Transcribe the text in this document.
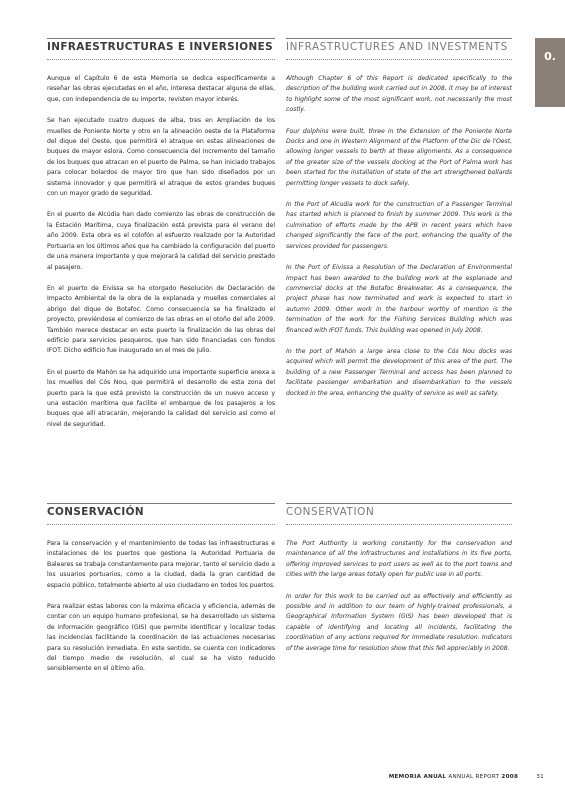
0.
INFRAESTRUCTURAS E INVERSIONES

Aunque el Capítulo 6 de esta Memoria se dedica específicamente a reseñar las obras ejecutadas en el año, interesa destacar alguna de ellas, que, con independencia de su importe, revisten mayor interés.

Se han ejecutado cuatro duques de alba, tres en Ampliación de los muelles de Poniente Norte y otro en la alineación oeste de la Plataforma del dique del Oeste, que permitirá el atraque en estas alineaciones de buques de mayor eslora. Como consecuencia del incremento del tamaño de los buques que atracan en el puerto de Palma, se han iniciado trabajos para colocar bolardos de mayor tiro que han sido diseñados por un sistema innovador y que permitirá el atraque de estos grandes buques con un mayor grado de seguridad.

En el puerto de Alcúdia han dado comienzo las obras de construcción de la Estación Marítima, cuya finalización está prevista para el verano del año 2009. Esta obra es el colofón al esfuerzo realizado por la Autoridad Portuaria en los últimos años que ha cambiado la configuración del puerto de una manera importante y que mejorará la calidad del servicio prestado al pasajero.

En el puerto de Eivissa se ha otorgado Resolución de Declaración de Impacto Ambiental de la obra de la explanada y muelles comerciales al abrigo del dique de Botafoc. Como consecuencia se ha finalizado el proyecto, previéndose el comienzo de las obras en el otoño del año 2009. También merece destacar en este puerto la finalización de las obras del edificio para servicios pesqueros, que han sido financiadas con fondos IFOT. Dicho edificio fue inaugurado en el mes de julio.

En el puerto de Mahón se ha adquirido una importante superficie anexa a los muelles del Cós Nou, que permitirá el desarrollo de esta zona del puerto para la que está previsto la construcción de un nuevo acceso y una estación marítima que facilite el embarque de los pasajeros a los buques que allí atracarán, mejorando la calidad del servicio así como el nivel de seguridad.

CONSERVACIÓN

Para la conservación y el mantenimiento de todas las infraestructuras e instalaciones de los puertos que gestiona la Autoridad Portuaria de Baleares se trabaja constantemente para mejorar, tanto el servicio dado a los usuarios portuarios, como a la ciudad, dada la gran cantidad de espacio público, totalmente abierto al uso ciudadano en todos los puertos.

Para realizar estas labores con la máxima eficacia y eficiencia, además de contar con un equipo humano profesional, se ha desarrollado un sistema de información geográfico (GIS) que permite identificar y localizar todas las incidencias facilitando la coordinación de las actuaciones necesarias para su resolución inmediata. En este sentido, se cuenta con indicadores del tiempo medio de resolución, el cual se ha visto reducido sensiblemente en el último año.

INFRASTRUCTURES AND INVESTMENTS

Although Chapter 6 of this Report is dedicated specifically to the description of the building work carried out in 2008, it may be of interest to highlight some of the most significant work, not necessarily the most costly.

Four dolphins were built, three in the Extension of the Poniente Norte Docks and one in Western Alignment of the Platform of the Dic de l'Oest, allowing longer vessels to berth at these alignments. As a consequence of the greater size of the vessels docking at the Port of Palma work has been started for the installation of state of the art strengthened bollards permitting longer vessels to dock safely.

In the Port of Alcudia work for the construction of a Passenger Terminal has started which is planned to finish by summer 2009. This work is the culmination of efforts made by the APB in recent years which have changed significantly the face of the port, enhancing the quality of the services provided for passengers.

In the Port of Eivissa a Resolution of the Declaration of Environmental Impact has been awarded to the building work at the esplanade and commercial docks at the Botafoc Breakwater. As a consequence, the project phase has now terminated and work is expected to start in autumn 2009. Other work in the harbour worthy of mention is the termination of the work for the Fishing Services Building which was financed with IFOT funds. This building was opened in July 2008.

In the port of Mahón a large area close to the Cós Nou docks was acquired which will permit the development of this area of the port. The building of a new Passenger Terminal and access has been planned to facilitate passenger embarkation and disembarkation to the vessels docked in the area, enhancing the quality of service as well as safety.

CONSERVATION

The Port Authority is working constantly for the conservation and maintenance of all the infrastructures and installations in its five ports, offering improved services to port users as well as to the port towns and cities with the large areas totally open for public use in all ports.

In order for this work to be carried out as effectively and efficiently as possible and in addition to our team of highly-trained professionals, a Geographical Information System (GIS) has been developed that is capable of identifying and locating all incidents, facilitating the coordination of any actions required for immediate resolution. Indicators of the average time for resolution show that this fell appreciably in 2008.

MEMORIA ANUAL ANNUAL REPORT 2008	31
